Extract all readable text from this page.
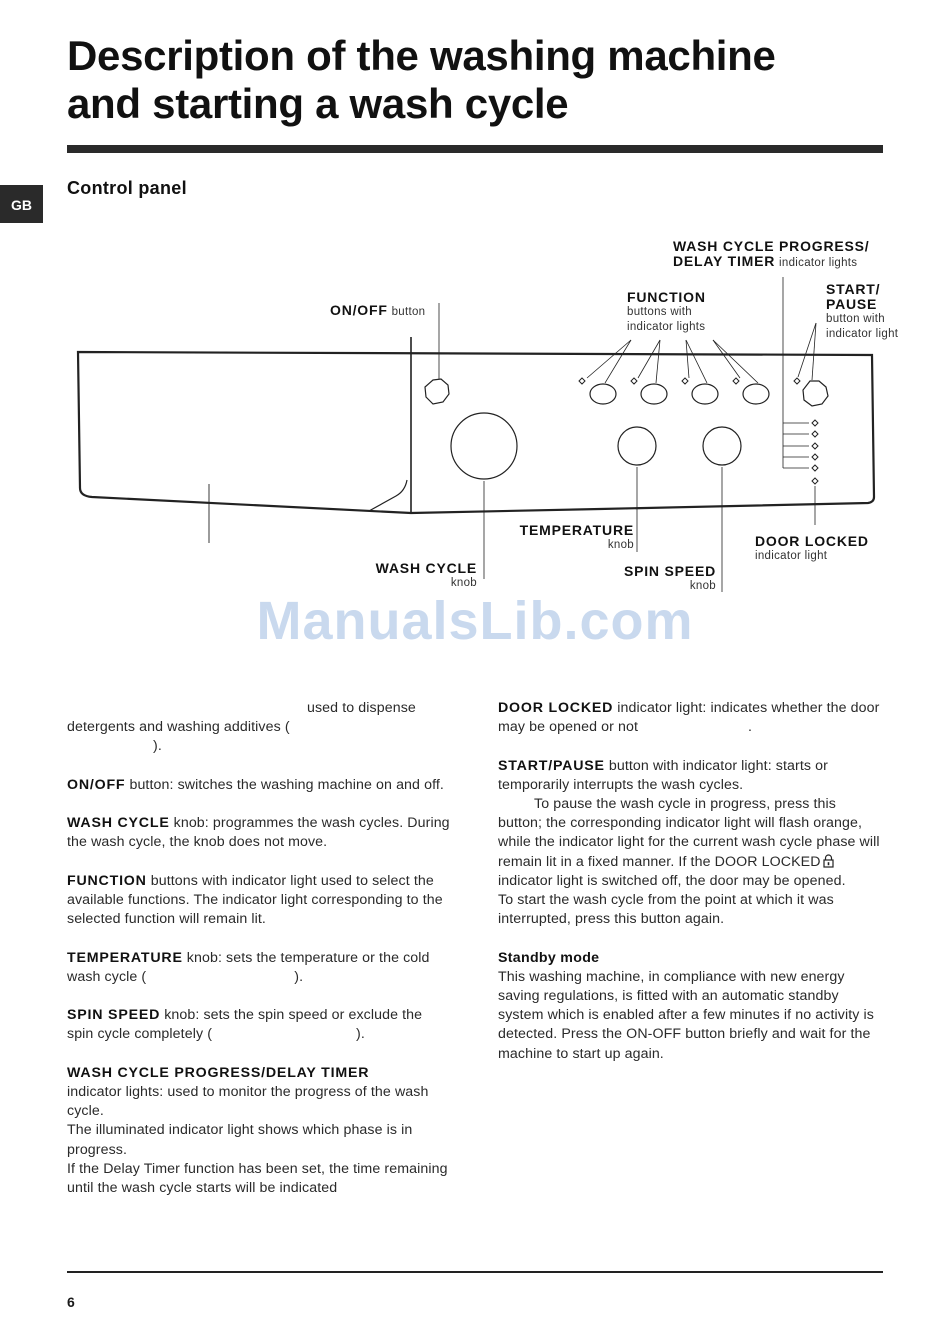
Description of the washing machine
and starting a wash cycle
GB
Control panel
WASH CYCLE PROGRESS/
DELAY TIMER indicator lights
ON/OFF button
FUNCTION
buttons with
indicator lights
START/
PAUSE
button with
indicator light
TEMPERATURE
knob	DOOR LOCKED
indicator light
WASH CYCLE
knob
SPIN SPEED
knob
ManualsLib.com

used to dispense detergents and washing additives (
).

ON/OFF button: switches the washing machine on and off.

WASH CYCLE knob: programmes the wash cycles. During the wash cycle, the knob does not move.

FUNCTION buttons with indicator light used to select the available functions. The indicator light corresponding to the selected function will remain lit.

TEMPERATURE knob: sets the temperature or the cold wash cycle (	).

SPIN SPEED knob: sets the spin speed or exclude the spin cycle completely (	).

WASH CYCLE PROGRESS/DELAY TIMER
indicator lights: used to monitor the progress of the wash cycle.
The illuminated indicator light shows which phase is in progress.
If the Delay Timer function has been set, the time remaining until the wash cycle starts will be indicated

DOOR LOCKED indicator light: indicates whether the door may be opened or not	.

START/PAUSE button with indicator light: starts or temporarily interrupts the wash cycles.
To pause the wash cycle in progress, press this button; the corresponding indicator light will flash orange, while the indicator light for the current wash cycle phase will remain lit in a fixed manner. If the DOOR LOCKED indicator light is switched off, the door may be opened.
To start the wash cycle from the point at which it was interrupted, press this button again.

Standby mode
This washing machine, in compliance with new energy saving regulations, is fitted with an automatic standby system which is enabled after a few minutes if no activity is detected. Press the ON-OFF button briefly and wait for the machine to start up again.

6
